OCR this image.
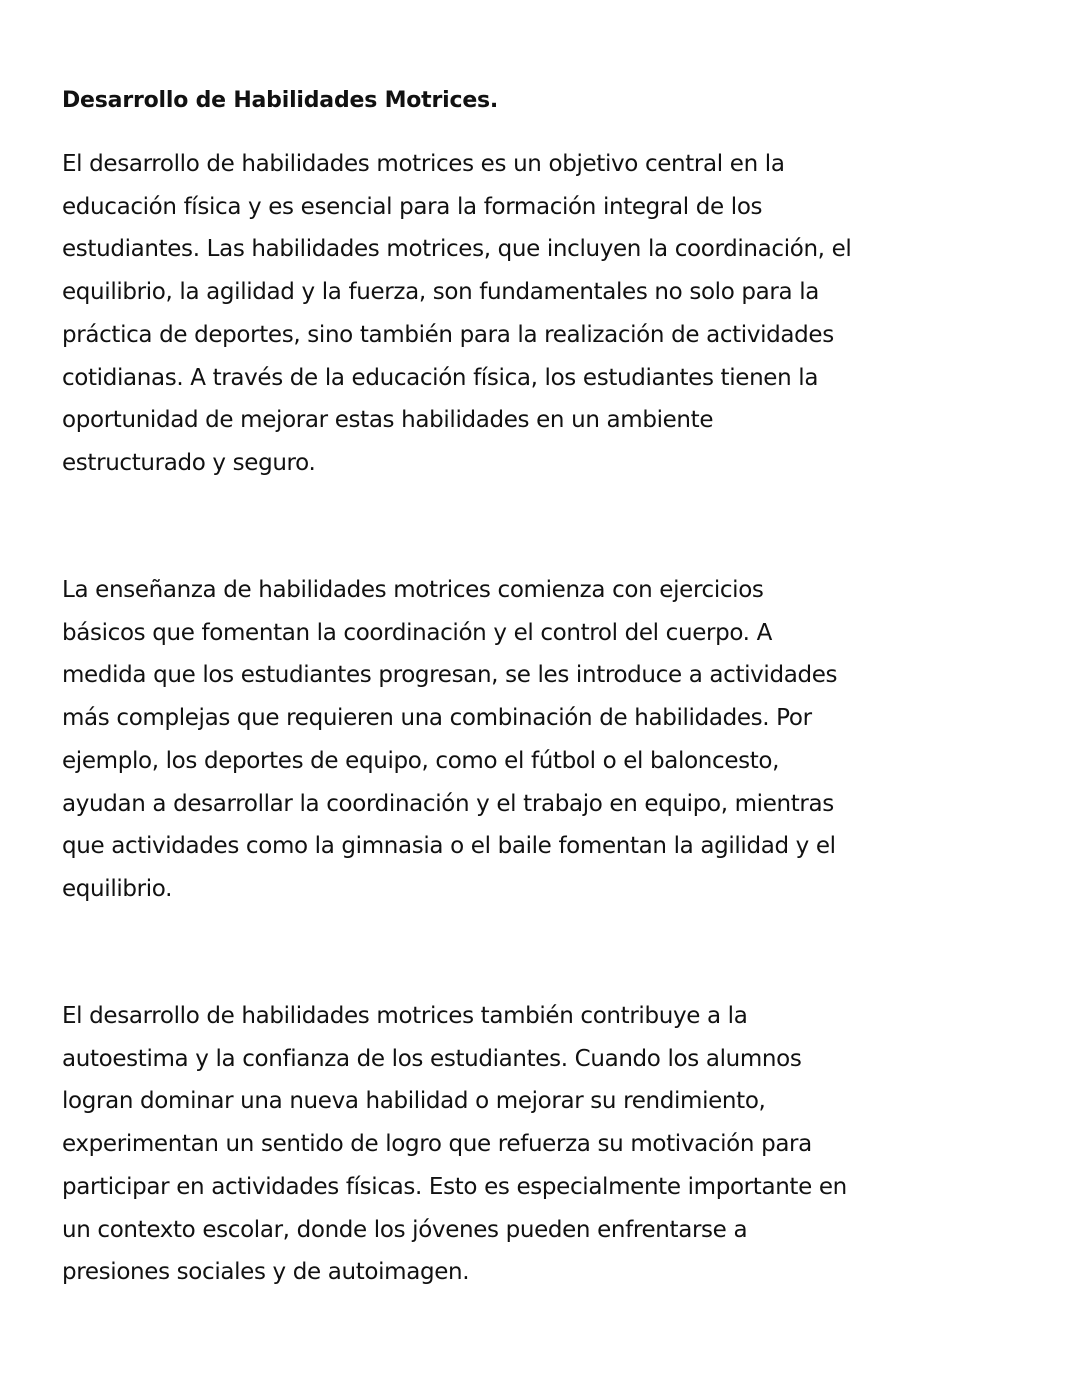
Desarrollo de Habilidades Motrices.

El desarrollo de habilidades motrices es un objetivo central en la
educación física y es esencial para la formación integral de los
estudiantes. Las habilidades motrices, que incluyen la coordinación, el
equilibrio, la agilidad y la fuerza, son fundamentales no solo para la
práctica de deportes, sino también para la realización de actividades
cotidianas. A través de la educación física, los estudiantes tienen la
oportunidad de mejorar estas habilidades en un ambiente
estructurado y seguro.

La enseñanza de habilidades motrices comienza con ejercicios
básicos que fomentan la coordinación y el control del cuerpo. A
medida que los estudiantes progresan, se les introduce a actividades
más complejas que requieren una combinación de habilidades. Por
ejemplo, los deportes de equipo, como el fútbol o el baloncesto,
ayudan a desarrollar la coordinación y el trabajo en equipo, mientras
que actividades como la gimnasia o el baile fomentan la agilidad y el
equilibrio.

El desarrollo de habilidades motrices también contribuye a la
autoestima y la confianza de los estudiantes. Cuando los alumnos
logran dominar una nueva habilidad o mejorar su rendimiento,
experimentan un sentido de logro que refuerza su motivación para
participar en actividades físicas. Esto es especialmente importante en
un contexto escolar, donde los jóvenes pueden enfrentarse a
presiones sociales y de autoimagen.
